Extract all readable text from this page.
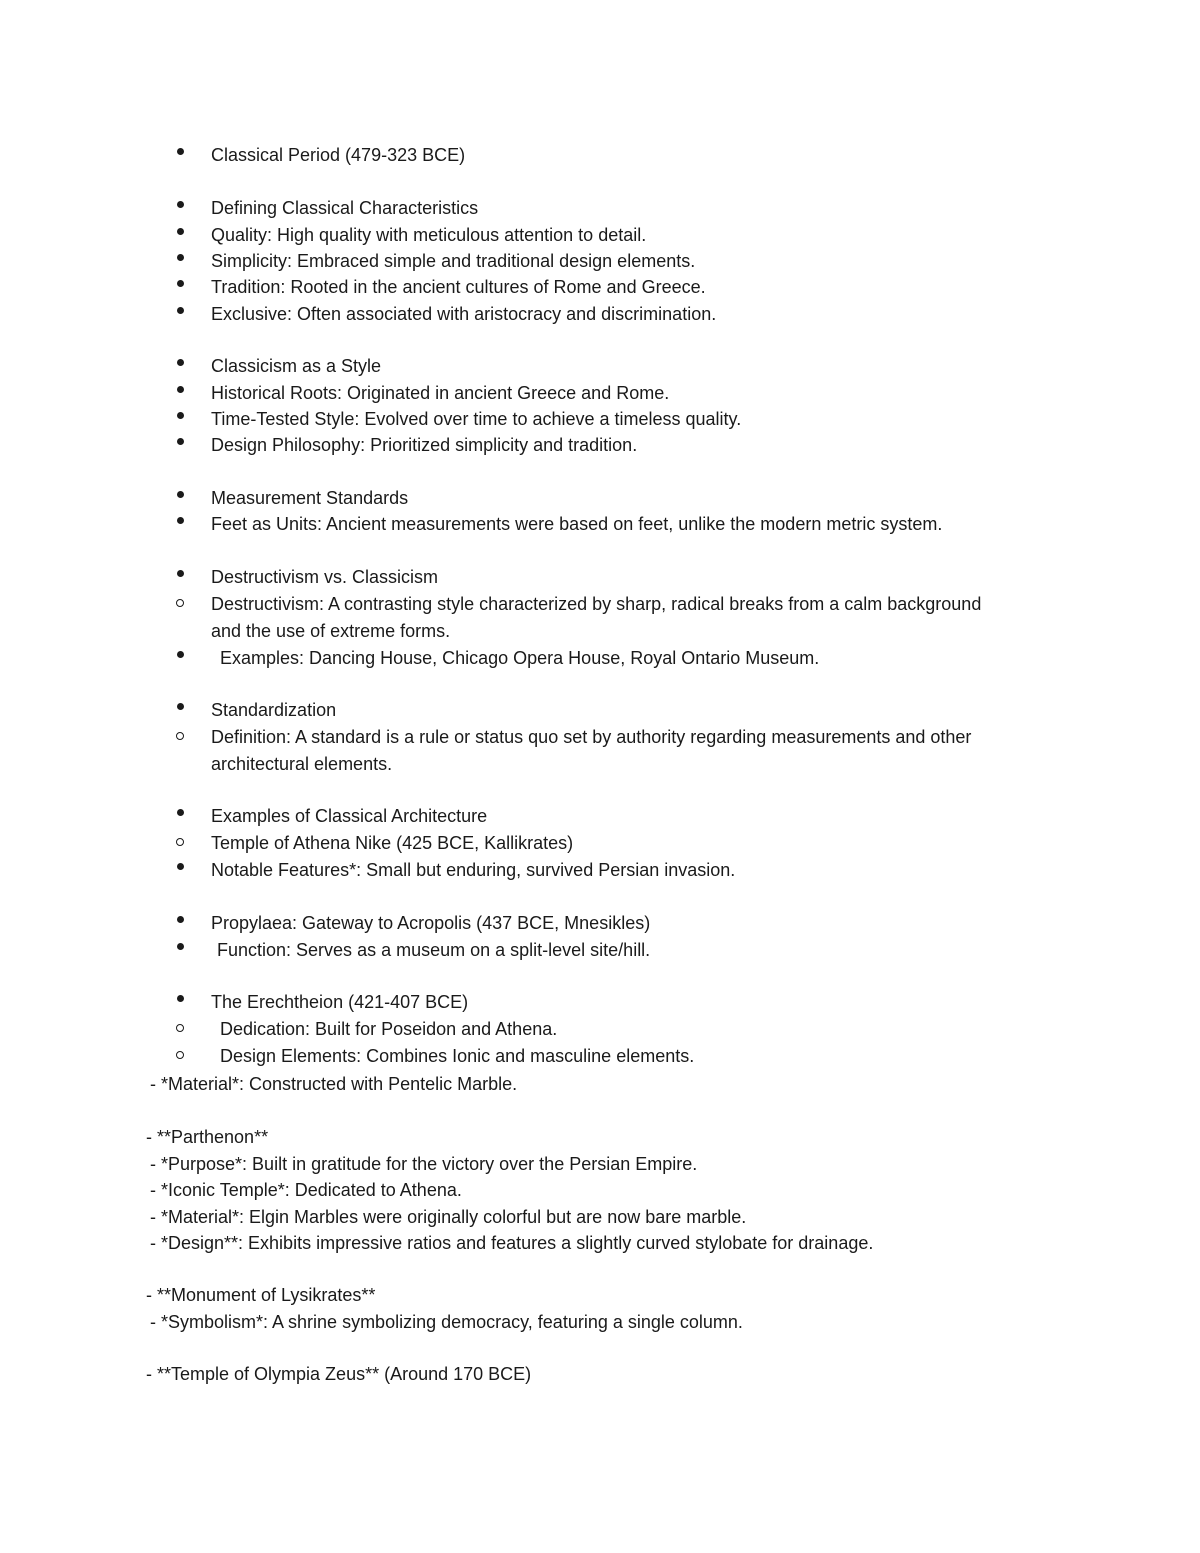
Classical Period (479-323 BCE)
Defining Classical Characteristics
Quality: High quality with meticulous attention to detail.
Simplicity: Embraced simple and traditional design elements.
Tradition: Rooted in the ancient cultures of Rome and Greece.
Exclusive: Often associated with aristocracy and discrimination.
Classicism as a Style
Historical Roots: Originated in ancient Greece and Rome.
Time-Tested Style: Evolved over time to achieve a timeless quality.
Design Philosophy: Prioritized simplicity and tradition.
Measurement Standards
Feet as Units: Ancient measurements were based on feet, unlike the modern metric system.
Destructivism vs. Classicism
Destructivism: A contrasting style characterized by sharp, radical breaks from a calm background
and the use of extreme forms.
Examples: Dancing House, Chicago Opera House, Royal Ontario Museum.
Standardization
Definition: A standard is a rule or status quo set by authority regarding measurements and other
architectural elements.
Examples of Classical Architecture
Temple of Athena Nike (425 BCE, Kallikrates)
Notable Features*: Small but enduring, survived Persian invasion.
Propylaea: Gateway to Acropolis (437 BCE, Mnesikles)
Function: Serves as a museum on a split-level site/hill.
The Erechtheion (421-407 BCE)
Dedication: Built for Poseidon and Athena.
Design Elements: Combines Ionic and masculine elements.
- *Material*: Constructed with Pentelic Marble.
- **Parthenon**
- *Purpose*: Built in gratitude for the victory over the Persian Empire.
- *Iconic Temple*: Dedicated to Athena.
- *Material*: Elgin Marbles were originally colorful but are now bare marble.
- *Design**: Exhibits impressive ratios and features a slightly curved stylobate for drainage.
- **Monument of Lysikrates**
- *Symbolism*: A shrine symbolizing democracy, featuring a single column.
- **Temple of Olympia Zeus** (Around 170 BCE)
